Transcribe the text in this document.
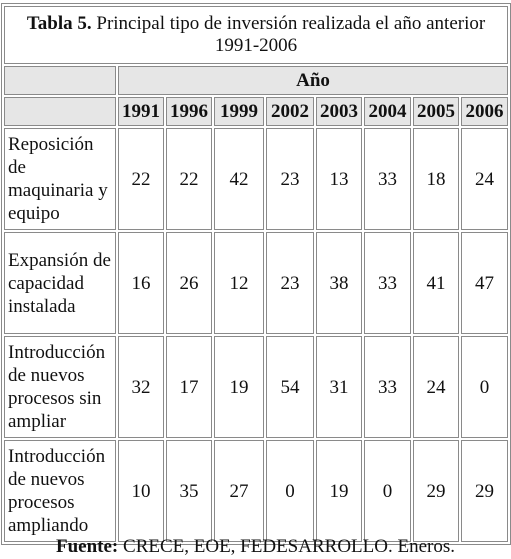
Tabla 5. Principal tipo de inversión realizada el año anterior 1991-2006								
	Año							
	1991	1996	1999	2002	2003	2004	2005	2006
Reposición de maquinaria y equipo	22	22	42	23	13	33	18	24
Expansión de capacidad instalada	16	26	12	23	38	33	41	47
Introducción de nuevos procesos sin ampliar	32	17	19	54	31	33	24	0
Introducción de nuevos procesos ampliando	10	35	27	0	19	0	29	29
Fuente: CRECE, EOE, FEDESARROLLO. Eneros.
